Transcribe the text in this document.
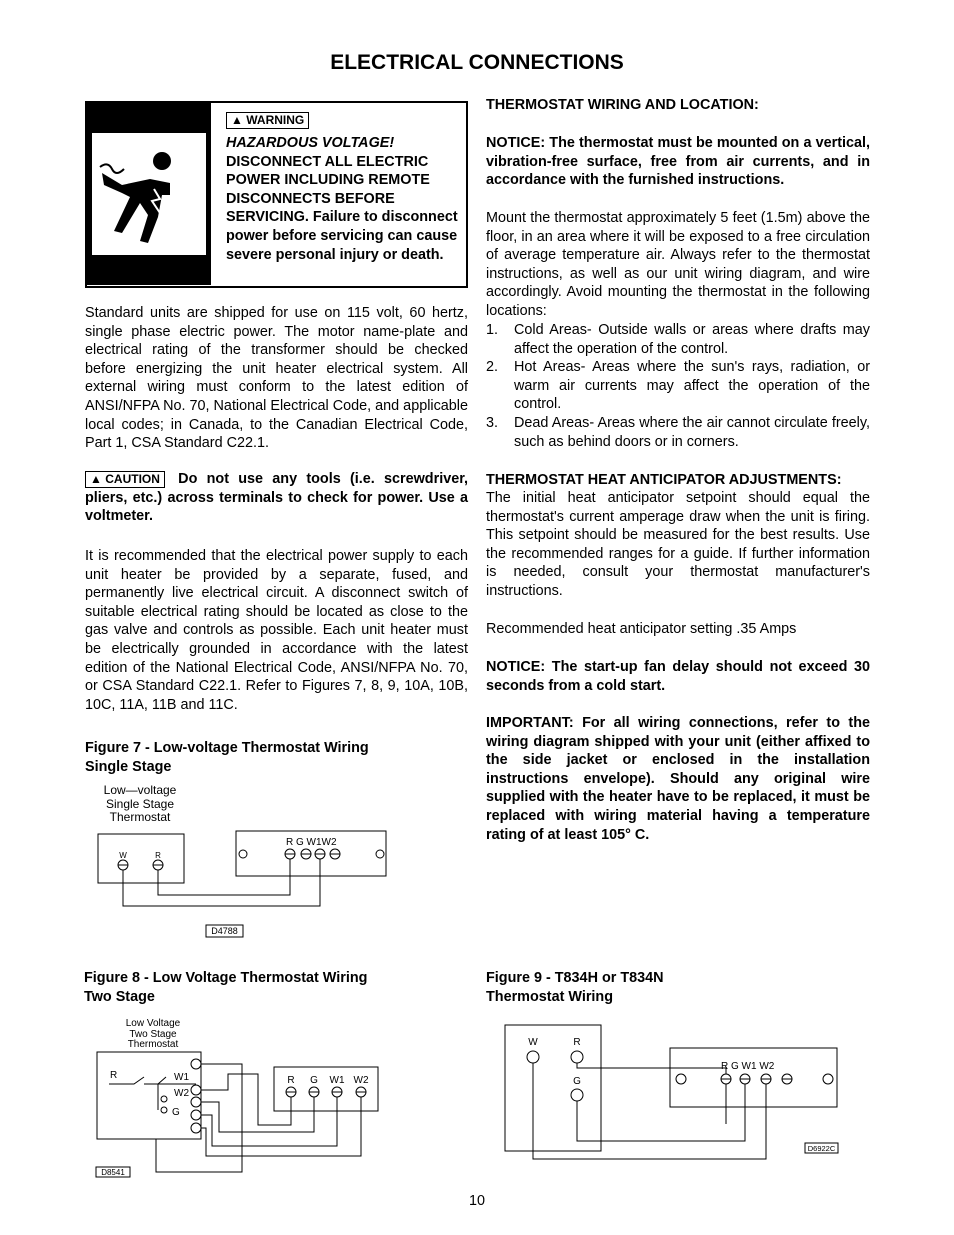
ELECTRICAL CONNECTIONS
▲ WARNING
HAZARDOUS VOLTAGE!
DISCONNECT ALL ELECTRIC POWER INCLUDING REMOTE DISCONNECTS BEFORE SERVICING. Failure to disconnect power before servicing can cause severe personal injury or death.
Standard units are shipped for use on 115 volt, 60 hertz, single phase electric power. The motor name-plate and electrical rating of the transformer should be checked before energizing the unit heater electrical system. All external wiring must conform to the latest edition of ANSI/NFPA No. 70, National Electrical Code, and applicable local codes; in Canada, to the Canadian Electrical Code, Part 1, CSA Standard C22.1.
▲ CAUTION Do not use any tools (i.e. screwdriver, pliers, etc.) across terminals to check for power. Use a voltmeter.
It is recommended that the electrical power supply to each unit heater be provided by a separate, fused, and permanently live electrical circuit. A disconnect switch of suitable electrical rating should be located as close to the gas valve and controls as possible. Each unit heater must be electrically grounded in accordance with the latest edition of the National Electrical Code, ANSI/NFPA No. 70, or CSA Standard C22.1. Refer to Figures 7, 8, 9, 10A, 10B, 10C, 11A, 11B and 11C.
Figure 7 - Low-voltage Thermostat Wiring
Single Stage
Low—voltage
Single Stage
Thermostat
W	R
R G W1W2
D4788
Figure 8 - Low Voltage Thermostat Wiring
Two Stage
Low Voltage
Two Stage
Thermostat
R	W1
W2
G
R G W1 W2
D8541
THERMOSTAT WIRING AND LOCATION:
NOTICE: The thermostat must be mounted on a vertical, vibration-free surface, free from air currents, and in accordance with the furnished instructions.
Mount the thermostat approximately 5 feet (1.5m) above the floor, in an area where it will be exposed to a free circulation of average temperature air. Always refer to the thermostat instructions, as well as our unit wiring diagram, and wire accordingly. Avoid mounting the thermostat in the following locations:
1. Cold Areas- Outside walls or areas where drafts may affect the operation of the control.
2. Hot Areas- Areas where the sun's rays, radiation, or warm air currents may affect the operation of the control.
3. Dead Areas- Areas where the air cannot circulate freely, such as behind doors or in corners.
THERMOSTAT HEAT ANTICIPATOR ADJUSTMENTS:
The initial heat anticipator setpoint should equal the thermostat's current amperage draw when the unit is firing. This setpoint should be measured for the best results. Use the recommended ranges for a guide. If further information is needed, consult your thermostat manufacturer's instructions.
Recommended heat anticipator setting .35 Amps
NOTICE: The start-up fan delay should not exceed 30 seconds from a cold start.
IMPORTANT: For all wiring connections, refer to the wiring diagram shipped with your unit (either affixed to the side jacket or enclosed in the installation instructions envelope). Should any original wire supplied with the heater have to be replaced, it must be replaced with wiring material having a temperature rating of at least 105° C.
Figure 9 - T834H or T834N
Thermostat Wiring
W	R
G
R G W1 W2
D6922C
10
